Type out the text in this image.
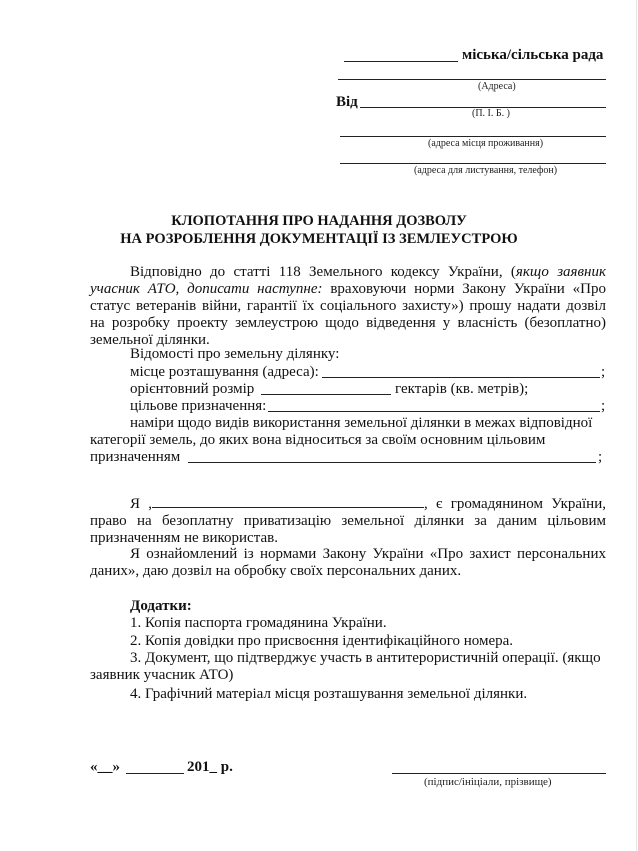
міська/сільська рада
(Адреса)
Від
(П. І. Б. )
(адреса місця проживання)
(адреса для листування, телефон)
КЛОПОТАННЯ ПРО НАДАННЯ ДОЗВОЛУ
НА РОЗРОБЛЕННЯ ДОКУМЕНТАЦІЇ ІЗ ЗЕМЛЕУСТРОЮ
Відповідно до статті 118 Земельного кодексу України, (якщо заявник учасник АТО, дописати наступне: враховуючи норми Закону України «Про статус ветеранів війни, гарантії їх соціального захисту») прошу надати дозвіл на розробку проекту землеустрою щодо відведення у власність (безоплатно) земельної ділянки.
Відомості про земельну ділянку:
місце розташування (адреса):	;
орієнтовний розмір	гектарів (кв. метрів);
цільове призначення:	;
наміри щодо видів використання земельної ділянки в межах відповідної категорії земель, до яких вона відноситься за своїм основним цільовим призначенням	;
Я ,	, є громадянином України, право на безоплатну приватизацію земельної ділянки за даним цільовим призначенням не використав.
Я ознайомлений із нормами Закону України «Про захист персональних даних», даю дозвіл на обробку своїх персональних даних.
Додатки:
1. Копія паспорта громадянина України.
2. Копія довідки про присвоєння ідентифікаційного номера.
3. Документ, що підтверджує участь в антитерористичній операції. (якщо заявник учасник АТО)
4. Графічний матеріал місця розташування земельної ділянки.
«__»	201_ р.
(підпис/ініціали, прізвище)
